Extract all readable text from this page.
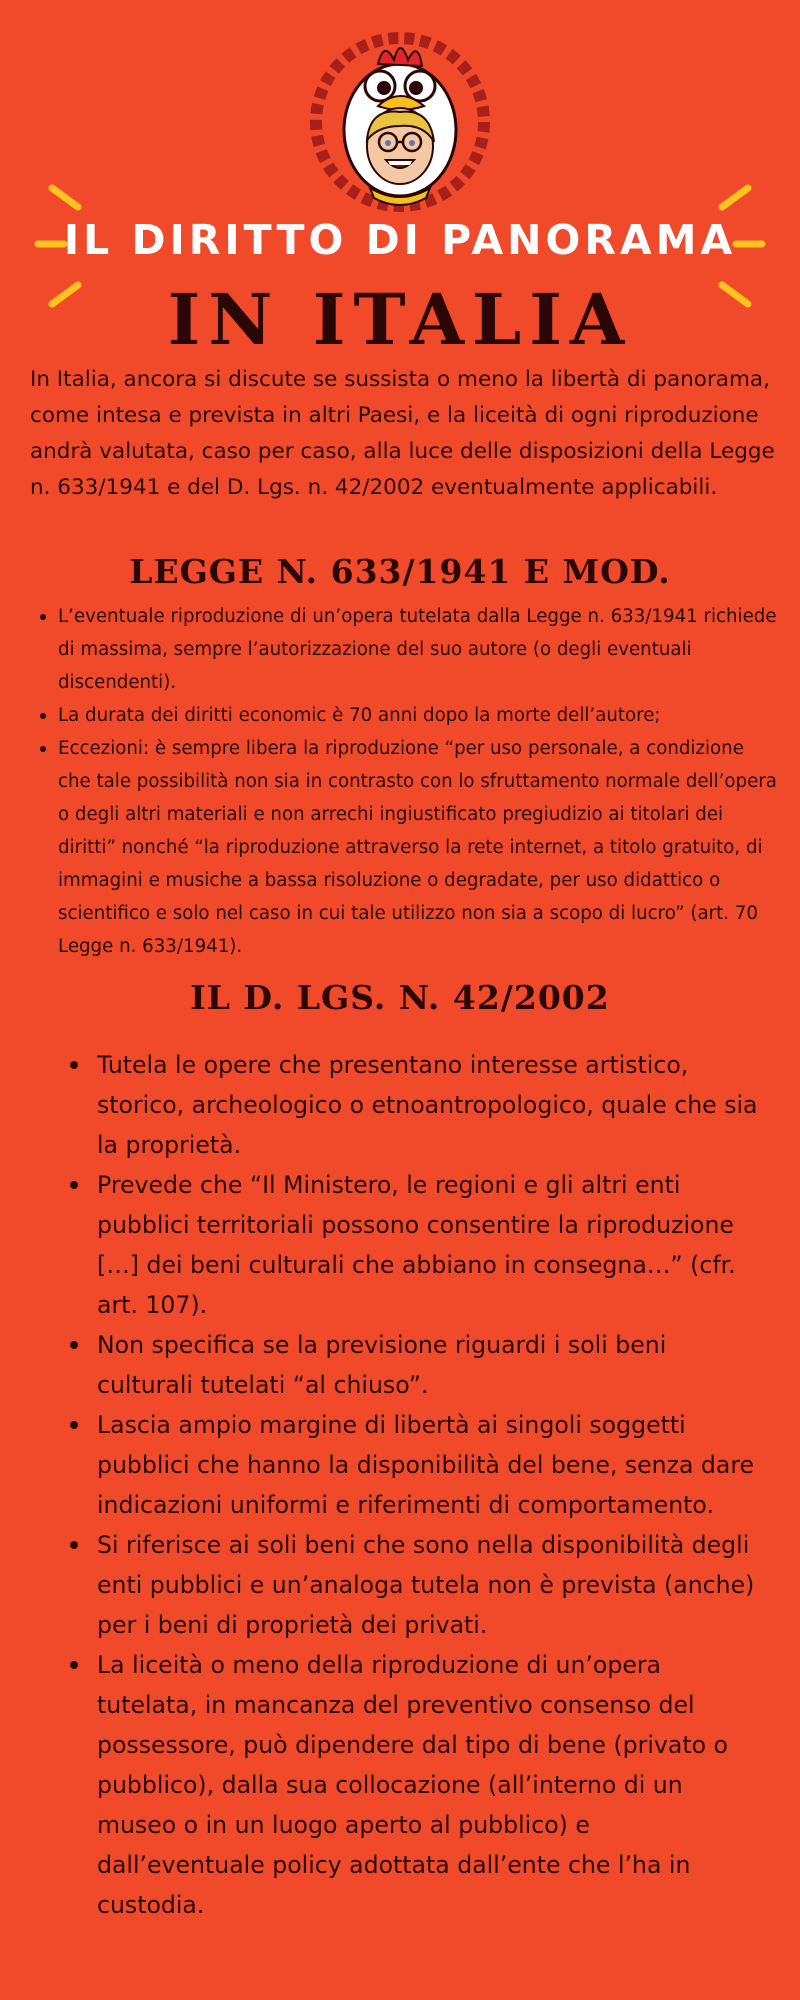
IL DIRITTO DI PANORAMA
IN ITALIA

In Italia, ancora si discute se sussista o meno la libertà di panorama, come intesa e prevista in altri Paesi, e la liceità di ogni riproduzione andrà valutata, caso per caso, alla luce delle disposizioni della Legge n. 633/1941 e del D. Lgs. n. 42/2002 eventualmente applicabili.

LEGGE N. 633/1941 E MOD.
L’eventuale riproduzione di un’opera tutelata dalla Legge n. 633/1941 richiede di massima, sempre l’autorizzazione del suo autore (o degli eventuali discendenti).
La durata dei diritti economic è 70 anni dopo la morte dell’autore;
Eccezioni: è sempre libera la riproduzione “per uso personale, a condizione che tale possibilità non sia in contrasto con lo sfruttamento normale dell’opera o degli altri materiali e non arrechi ingiustificato pregiudizio ai titolari dei diritti” nonché “la riproduzione attraverso la rete internet, a titolo gratuito, di immagini e musiche a bassa risoluzione o degradate, per uso didattico o scientifico e solo nel caso in cui tale utilizzo non sia a scopo di lucro” (art. 70 Legge n. 633/1941).
IL D. LGS. N. 42/2002
Tutela le opere che presentano interesse artistico, storico, archeologico o etnoantropologico, quale che sia la proprietà.
Prevede che “Il Ministero, le regioni e gli altri enti pubblici territoriali possono consentire la riproduzione […] dei beni culturali che abbiano in consegna…” (cfr. art. 107).
Non specifica se la previsione riguardi i soli beni culturali tutelati “al chiuso”.
Lascia ampio margine di libertà ai singoli soggetti pubblici che hanno la disponibilità del bene, senza dare indicazioni uniformi e riferimenti di comportamento.
Si riferisce ai soli beni che sono nella disponibilità degli enti pubblici e un’analoga tutela non è prevista (anche) per i beni di proprietà dei privati.
La liceità o meno della riproduzione di un’opera tutelata, in mancanza del preventivo consenso del possessore, può dipendere dal tipo di bene (privato o pubblico), dalla sua collocazione (all’interno di un museo o in un luogo aperto al pubblico) e dall’eventuale policy adottata dall’ente che l’ha in custodia.
